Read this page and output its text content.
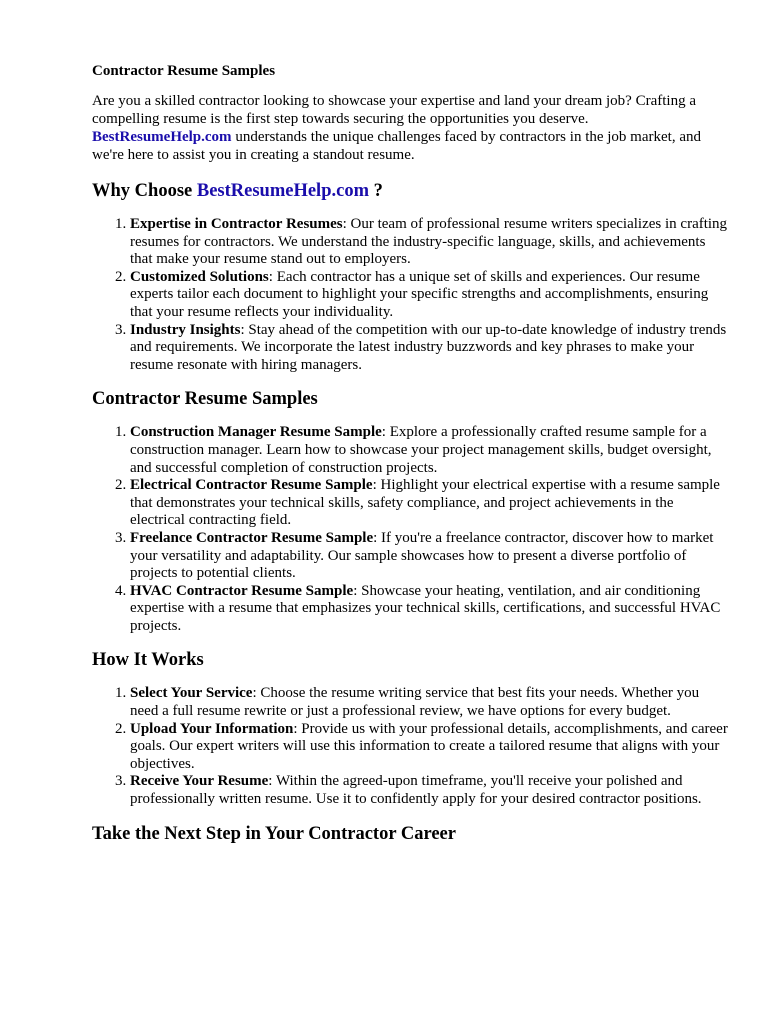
Contractor Resume Samples

Are you a skilled contractor looking to showcase your expertise and land your dream job? Crafting a compelling resume is the first step towards securing the opportunities you deserve. BestResumeHelp.com understands the unique challenges faced by contractors in the job market, and we're here to assist you in creating a standout resume.

Why Choose BestResumeHelp.com ?
1. Expertise in Contractor Resumes: Our team of professional resume writers specializes in crafting resumes for contractors. We understand the industry-specific language, skills, and achievements that make your resume stand out to employers.
2. Customized Solutions: Each contractor has a unique set of skills and experiences. Our resume experts tailor each document to highlight your specific strengths and accomplishments, ensuring that your resume reflects your individuality.
3. Industry Insights: Stay ahead of the competition with our up-to-date knowledge of industry trends and requirements. We incorporate the latest industry buzzwords and key phrases to make your resume resonate with hiring managers.
Contractor Resume Samples
1. Construction Manager Resume Sample: Explore a professionally crafted resume sample for a construction manager. Learn how to showcase your project management skills, budget oversight, and successful completion of construction projects.
2. Electrical Contractor Resume Sample: Highlight your electrical expertise with a resume sample that demonstrates your technical skills, safety compliance, and project achievements in the electrical contracting field.
3. Freelance Contractor Resume Sample: If you're a freelance contractor, discover how to market your versatility and adaptability. Our sample showcases how to present a diverse portfolio of projects to potential clients.
4. HVAC Contractor Resume Sample: Showcase your heating, ventilation, and air conditioning expertise with a resume that emphasizes your technical skills, certifications, and successful HVAC projects.
How It Works
1. Select Your Service: Choose the resume writing service that best fits your needs. Whether you need a full resume rewrite or just a professional review, we have options for every budget.
2. Upload Your Information: Provide us with your professional details, accomplishments, and career goals. Our expert writers will use this information to create a tailored resume that aligns with your objectives.
3. Receive Your Resume: Within the agreed-upon timeframe, you'll receive your polished and professionally written resume. Use it to confidently apply for your desired contractor positions.
Take the Next Step in Your Contractor Career
